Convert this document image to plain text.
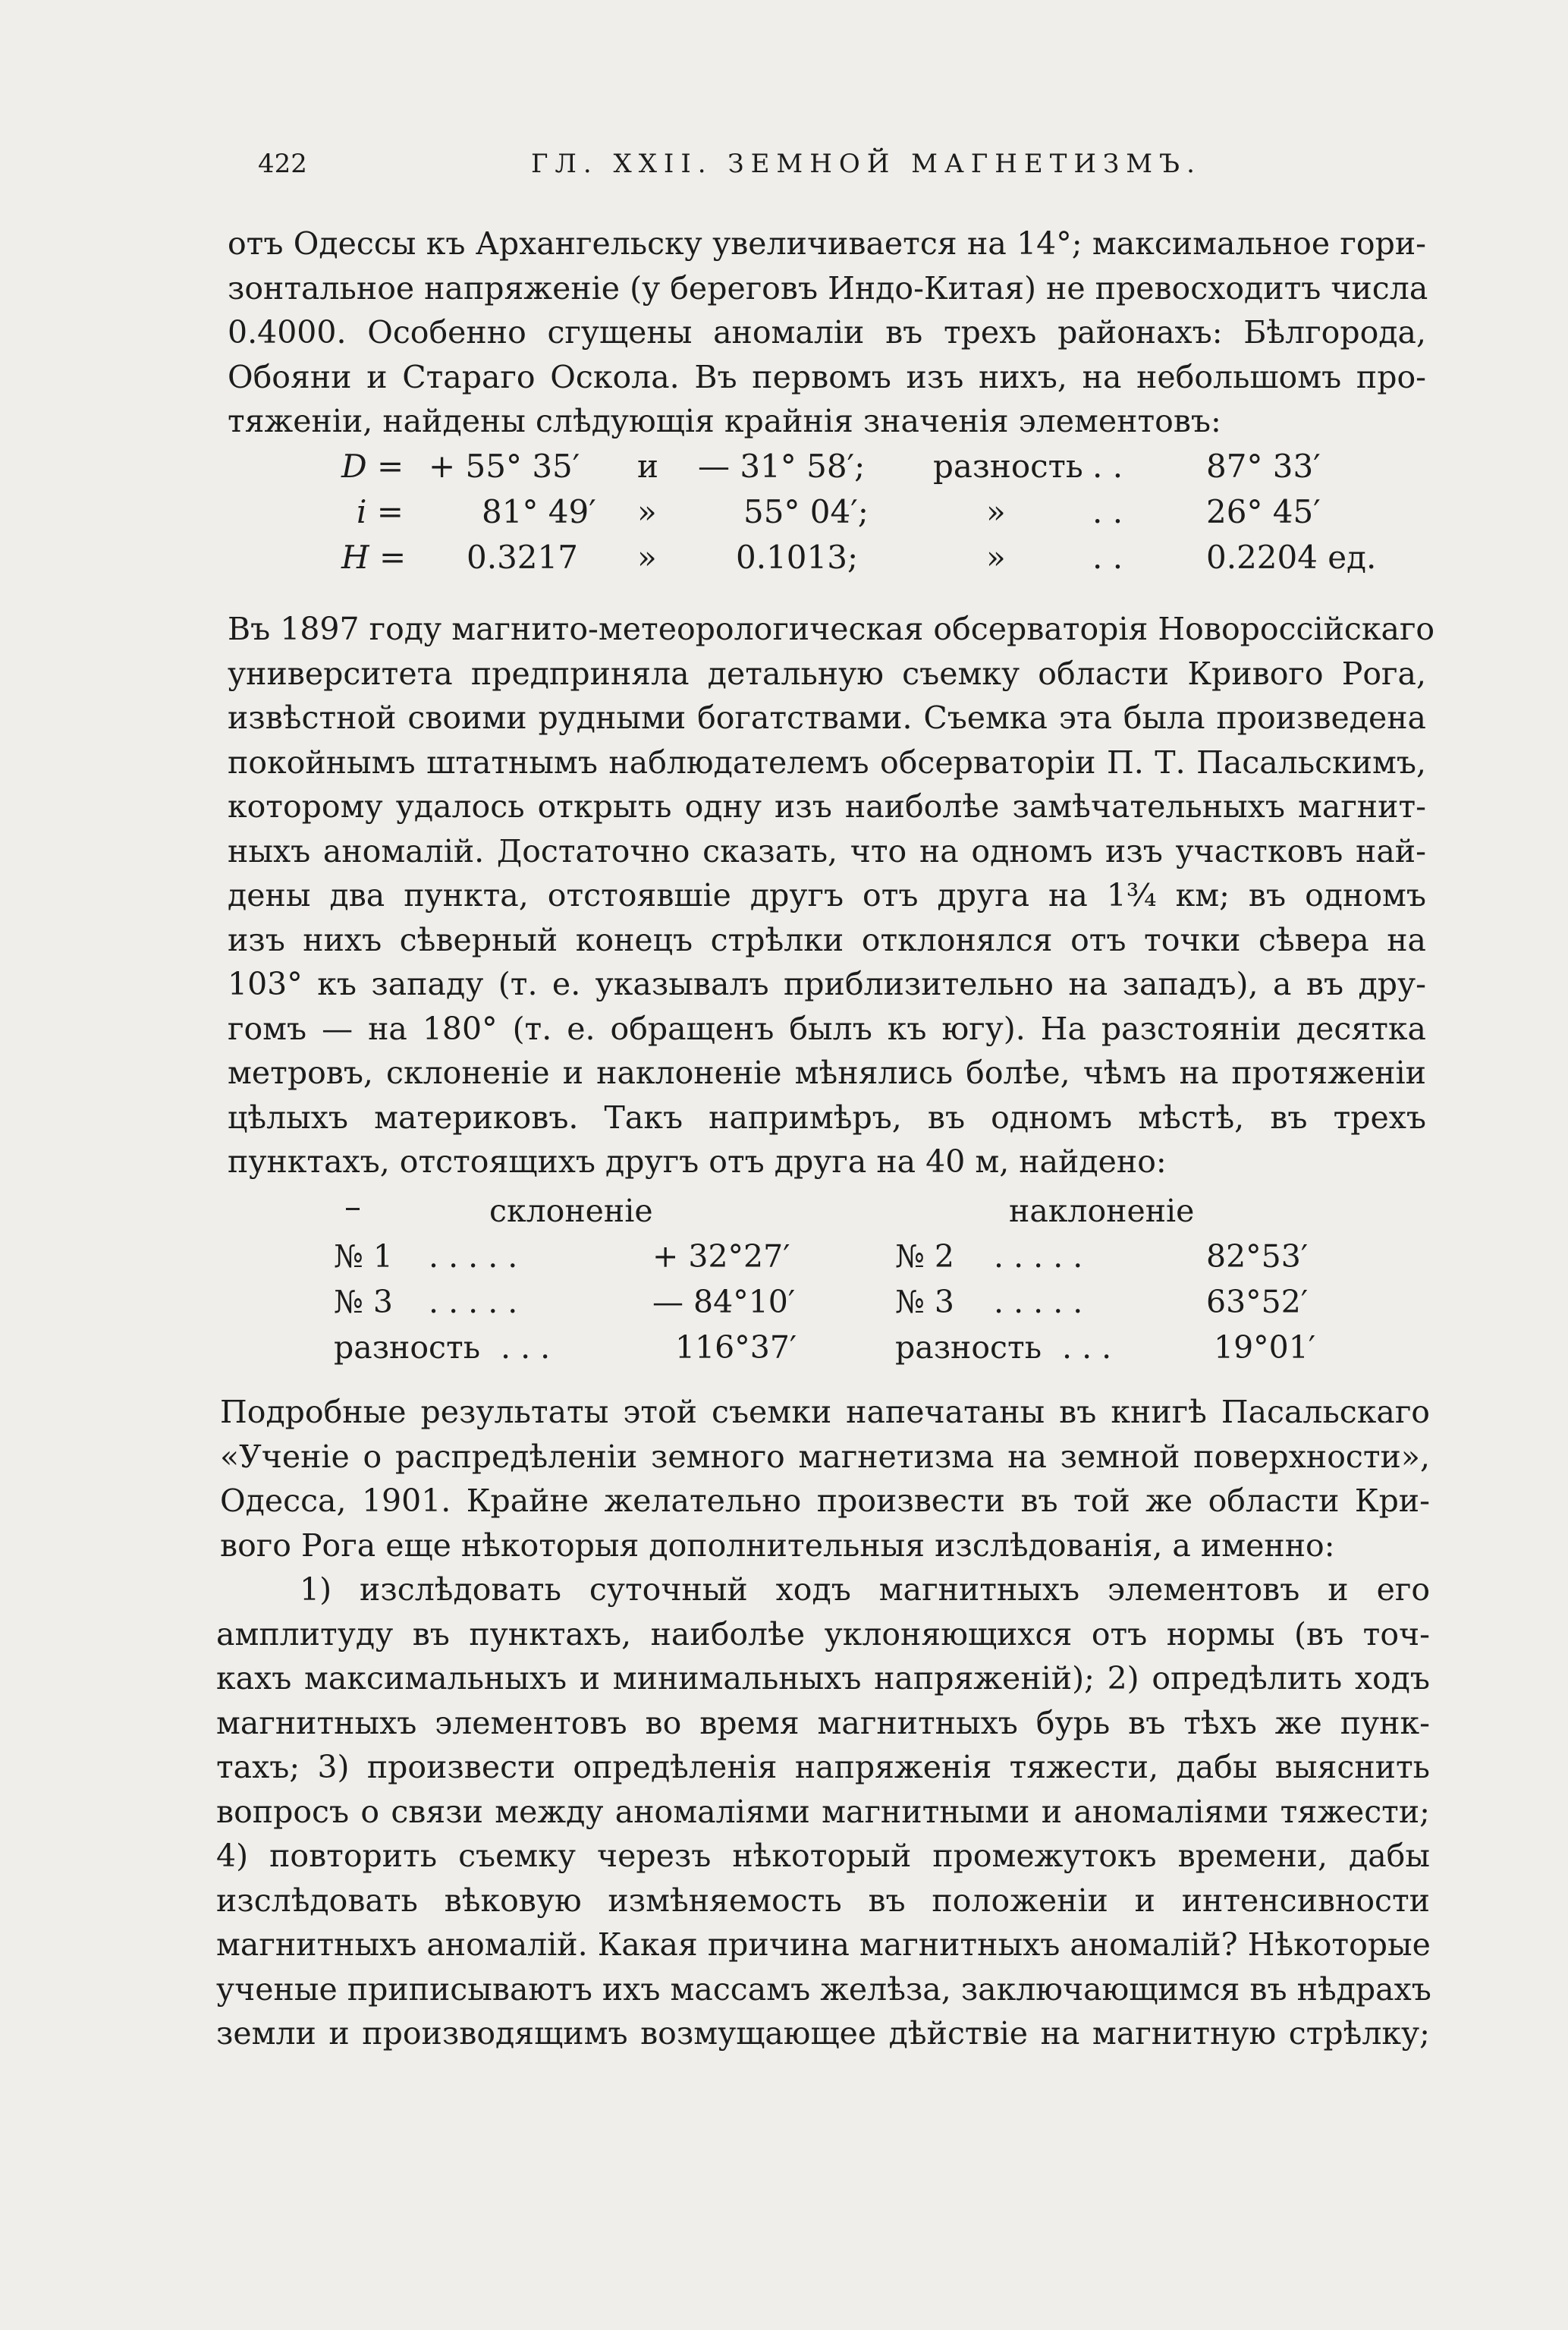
422	ГЛ. XXII. ЗЕМНОЙ МАГНЕТИЗМЪ.
отъ Одессы къ Архангельску увеличивается на 14°; максимальное гори-
зонтальное напряженіе (у береговъ Индо-Китая) не превосходитъ числа
0.4000. Особенно сгущены аномаліи въ трехъ районахъ: Бѣлгорода,
Обояни и Стараго Оскола. Въ первомъ изъ нихъ, на небольшомъ про-
тяженіи, найдены слѣдующія крайнія значенія элементовъ:
D = + 55° 35′ и — 31° 58′; разность . .	87° 33′
i = 81° 49′ »	55° 04′;	»	. .	26° 45′
H = 0.3217 » 0.1013;	»	. .	0.2204 ед.
Въ 1897 году магнито-метеорологическая обсерваторія Новороссійскаго
университета предприняла детальную съемку области Кривого Рога,
извѣстной своими рудными богатствами. Съемка эта была произведена
покойнымъ штатнымъ наблюдателемъ обсерваторіи П. Т. Пасальскимъ,
которому удалось открыть одну изъ наиболѣе замѣчательныхъ магнит-
ныхъ аномалій. Достаточно сказать, что на одномъ изъ участковъ най-
дены два пункта, отстоявшіе другъ отъ друга на 1¾ км; въ одномъ
изъ нихъ сѣверный конецъ стрѣлки отклонялся отъ точки сѣвера на
103° къ западу (т. е. указывалъ приблизительно на западъ), а въ дру-
гомъ — на 180° (т. е. обращенъ былъ къ югу). На разстояніи десятка
метровъ, склоненіе и наклоненіе мѣнялись болѣе, чѣмъ на протяженіи
цѣлыхъ материковъ. Такъ напримѣръ, въ одномъ мѣстѣ, въ трехъ
пунктахъ, отстоящихъ другъ отъ друга на 40 м, найдено:
склоненіе	наклоненіе
№ 1 . . . . .	+ 32°27′	№ 2 . . . . .	82°53′
№ 3 . . . . .	— 84°10′	№ 3 . . . . .	63°52′
разность . . .	116°37′	разность . . .	19°01′
Подробные результаты этой съемки напечатаны въ книгѣ Пасальскаго
«Ученіе о распредѣленіи земного магнетизма на земной поверхности»,
Одесса, 1901. Крайне желательно произвести въ той же области Кри-
вого Рога еще нѣкоторыя дополнительныя изслѣдованія, а именно:
1) изслѣдовать суточный ходъ магнитныхъ элементовъ и его
амплитуду въ пунктахъ, наиболѣе уклоняющихся отъ нормы (въ точ-
кахъ максимальныхъ и минимальныхъ напряженій); 2) опредѣлить ходъ
магнитныхъ элементовъ во время магнитныхъ бурь въ тѣхъ же пунк-
тахъ; 3) произвести опредѣленія напряженія тяжести, дабы выяснить
вопросъ о связи между аномаліями магнитными и аномаліями тяжести;
4) повторить съемку черезъ нѣкоторый промежутокъ времени, дабы
изслѣдовать вѣковую измѣняемость въ положеніи и интенсивности
магнитныхъ аномалій. Какая причина магнитныхъ аномалій? Нѣкоторые
ученые приписываютъ ихъ массамъ желѣза, заключающимся въ нѣдрахъ
земли и производящимъ возмущающее дѣйствіе на магнитную стрѣлку;
